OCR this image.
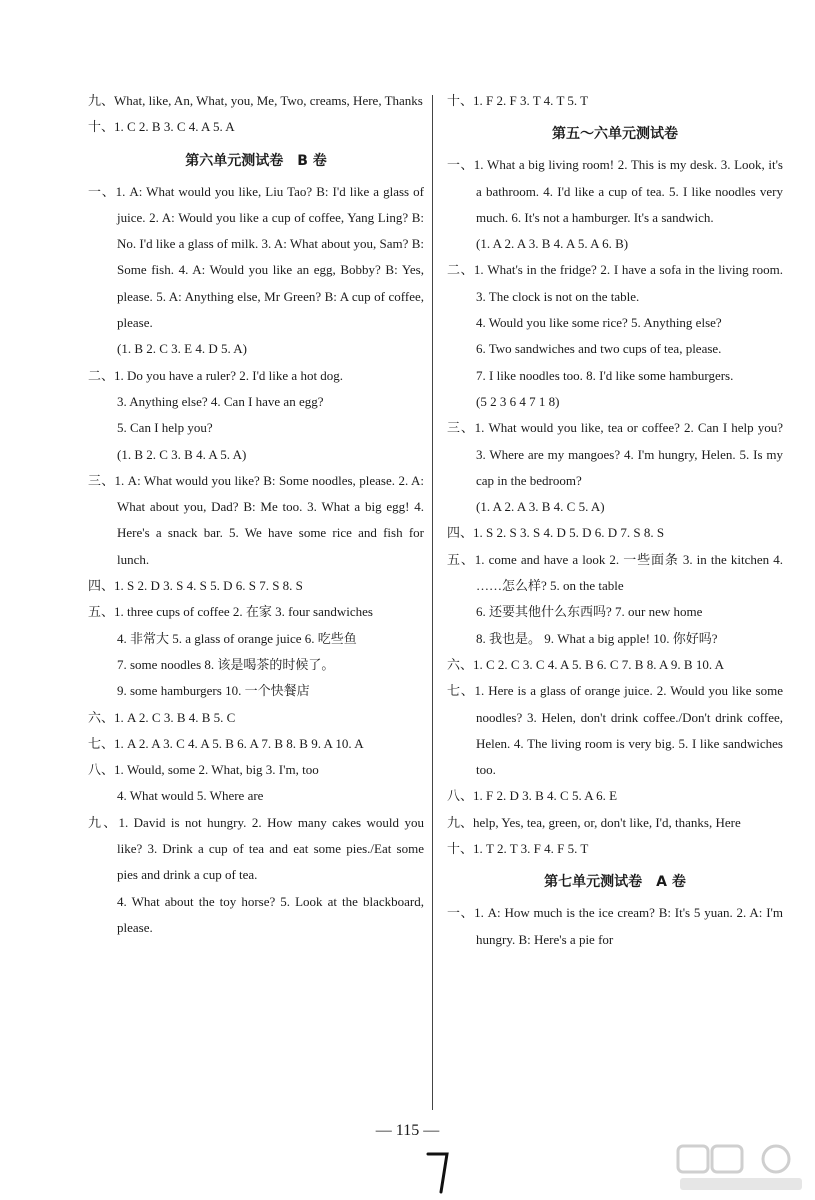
九、What, like, An, What, you, Me, Two, creams, Here, Thanks
十、1. C 2. B 3. C 4. A 5. A
第六单元测试卷　B 卷
一、1. A: What would you like, Liu Tao? B: I'd like a glass of juice. 2. A: Would you like a cup of coffee, Yang Ling? B: No. I'd like a glass of milk. 3. A: What about you, Sam? B: Some fish. 4. A: Would you like an egg, Bobby? B: Yes, please. 5. A: Anything else, Mr Green? B: A cup of coffee, please.
(1. B 2. C 3. E 4. D 5. A)
二、1. Do you have a ruler? 2. I'd like a hot dog.
3. Anything else? 4. Can I have an egg?
5. Can I help you?
(1. B 2. C 3. B 4. A 5. A)
三、1. A: What would you like? B: Some noodles, please. 2. A: What about you, Dad? B: Me too. 3. What a big egg! 4. Here's a snack bar. 5. We have some rice and fish for lunch.
四、1. S 2. D 3. S 4. S 5. D 6. S 7. S 8. S
五、1. three cups of coffee 2. 在家 3. four sandwiches
4. 非常大 5. a glass of orange juice 6. 吃些鱼
7. some noodles 8. 该是喝茶的时候了。
9. some hamburgers 10. 一个快餐店
六、1. A 2. C 3. B 4. B 5. C
七、1. A 2. A 3. C 4. A 5. B 6. A 7. B 8. B 9. A 10. A
八、1. Would, some 2. What, big 3. I'm, too
4. What would 5. Where are
九、1. David is not hungry. 2. How many cakes would you like? 3. Drink a cup of tea and eat some pies./Eat some pies and drink a cup of tea.
4. What about the toy horse? 5. Look at the blackboard, please.
十、1. F 2. F 3. T 4. T 5. T
第五～六单元测试卷
一、1. What a big living room! 2. This is my desk. 3. Look, it's a bathroom. 4. I'd like a cup of tea. 5. I like noodles very much. 6. It's not a hamburger. It's a sandwich.
(1. A 2. A 3. B 4. A 5. A 6. B)
二、1. What's in the fridge? 2. I have a sofa in the living room. 3. The clock is not on the table.
4. Would you like some rice? 5. Anything else?
6. Two sandwiches and two cups of tea, please.
7. I like noodles too. 8. I'd like some hamburgers.
(5 2 3 6 4 7 1 8)
三、1. What would you like, tea or coffee? 2. Can I help you? 3. Where are my mangoes? 4. I'm hungry, Helen. 5. Is my cap in the bedroom?
(1. A 2. A 3. B 4. C 5. A)
四、1. S 2. S 3. S 4. D 5. D 6. D 7. S 8. S
五、1. come and have a look 2. 一些面条 3. in the kitchen 4. ……怎么样? 5. on the table
6. 还要其他什么东西吗? 7. our new home
8. 我也是。 9. What a big apple! 10. 你好吗?
六、1. C 2. C 3. C 4. A 5. B 6. C 7. B 8. A 9. B 10. A
七、1. Here is a glass of orange juice. 2. Would you like some noodles? 3. Helen, don't drink coffee./Don't drink coffee, Helen. 4. The living room is very big. 5. I like sandwiches too.
八、1. F 2. D 3. B 4. C 5. A 6. E
九、help, Yes, tea, green, or, don't like, I'd, thanks, Here
十、1. T 2. T 3. F 4. F 5. T
第七单元测试卷　A 卷
一、1. A: How much is the ice cream? B: It's 5 yuan. 2. A: I'm hungry. B: Here's a pie for
— 115 —
